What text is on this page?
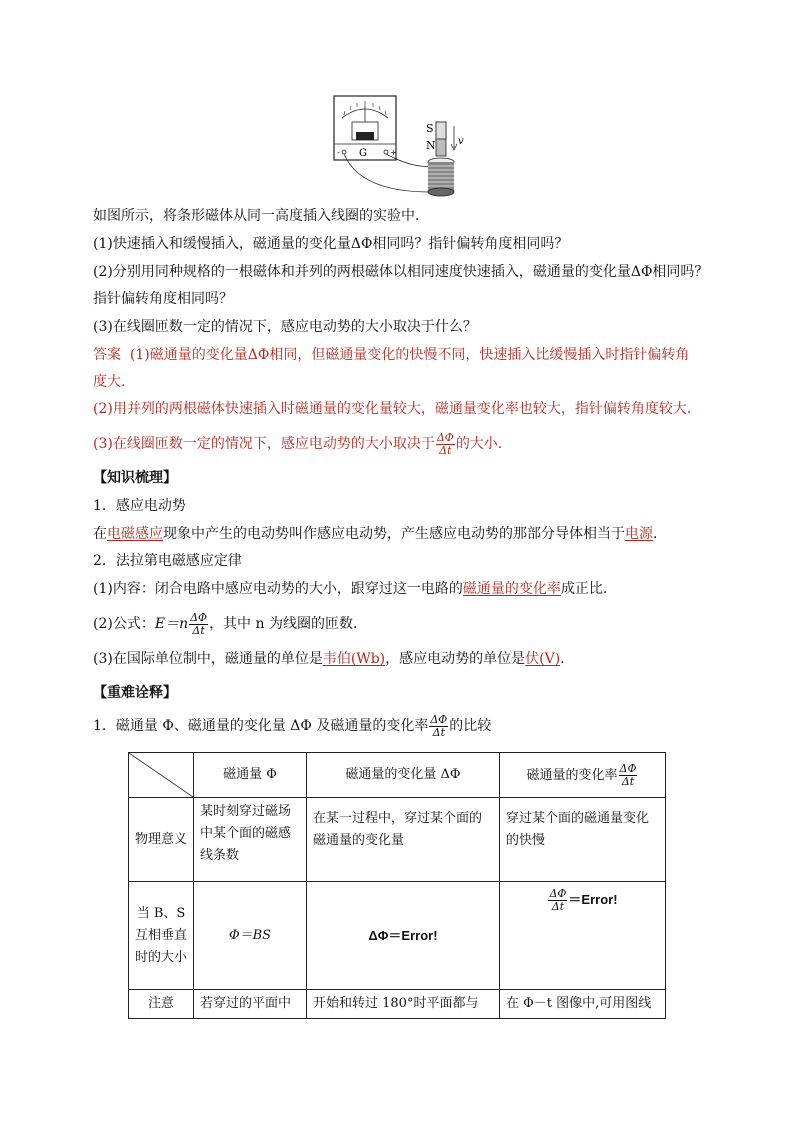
- G	+
S
N v
如图所示，将条形磁体从同一高度插入线圈的实验中．
(1)快速插入和缓慢插入，磁通量的变化量ΔΦ相同吗？指针偏转角度相同吗？
(2)分别用同种规格的一根磁体和并列的两根磁体以相同速度快速插入，磁通量的变化量ΔΦ相同吗？
指针偏转角度相同吗？
(3)在线圈匝数一定的情况下，感应电动势的大小取决于什么？
答案 (1)磁通量的变化量ΔΦ相同，但磁通量变化的快慢不同，快速插入比缓慢插入时指针偏转角
度大．
(2)用并列的两根磁体快速插入时磁通量的变化量较大，磁通量变化率也较大，指针偏转角度较大．
(3)在线圈匝数一定的情况下，感应电动势的大小取决于 $\frac{\Delta\Phi}{\Delta t}$ 的大小．
【知识梳理】
1．感应电动势
在电磁感应现象中产生的电动势叫作感应电动势，产生感应电动势的那部分导体相当于电源．
2．法拉第电磁感应定律
(1)内容：闭合电路中感应电动势的大小，跟穿过这一电路的磁通量的变化率成正比．
(2)公式：$E=n \frac{\Delta\Phi}{\Delta t}$ ，其中 n 为线圈的匝数．
(3)在国际单位制中，磁通量的单位是韦伯(Wb)，感应电动势的单位是伏(V)．
【重难诠释】
1．磁通量 Φ、磁通量的变化量 ΔΦ 及磁通量的变化率 $\frac{\Delta\Phi}{\Delta t}$ 的比较
	磁通量 Φ	磁通量的变化量 ΔΦ	磁通量的变化率 $\frac{\Delta\Phi}{\Delta t}$

物理意义	某时刻穿过磁场中某个面的磁感线条数	在某一过程中，穿过某个面的磁通量的变化量	穿过某个面的磁通量变化的快慢
当 B、S 互相垂直时的大小	Φ＝BS	ΔΦ＝Error!	$\frac{\Delta\Phi}{\Delta t}$ ＝Error!
注意	若穿过的平面中	开始和转过 180°时平面都与	在 Φ－t 图像中,可用图线
